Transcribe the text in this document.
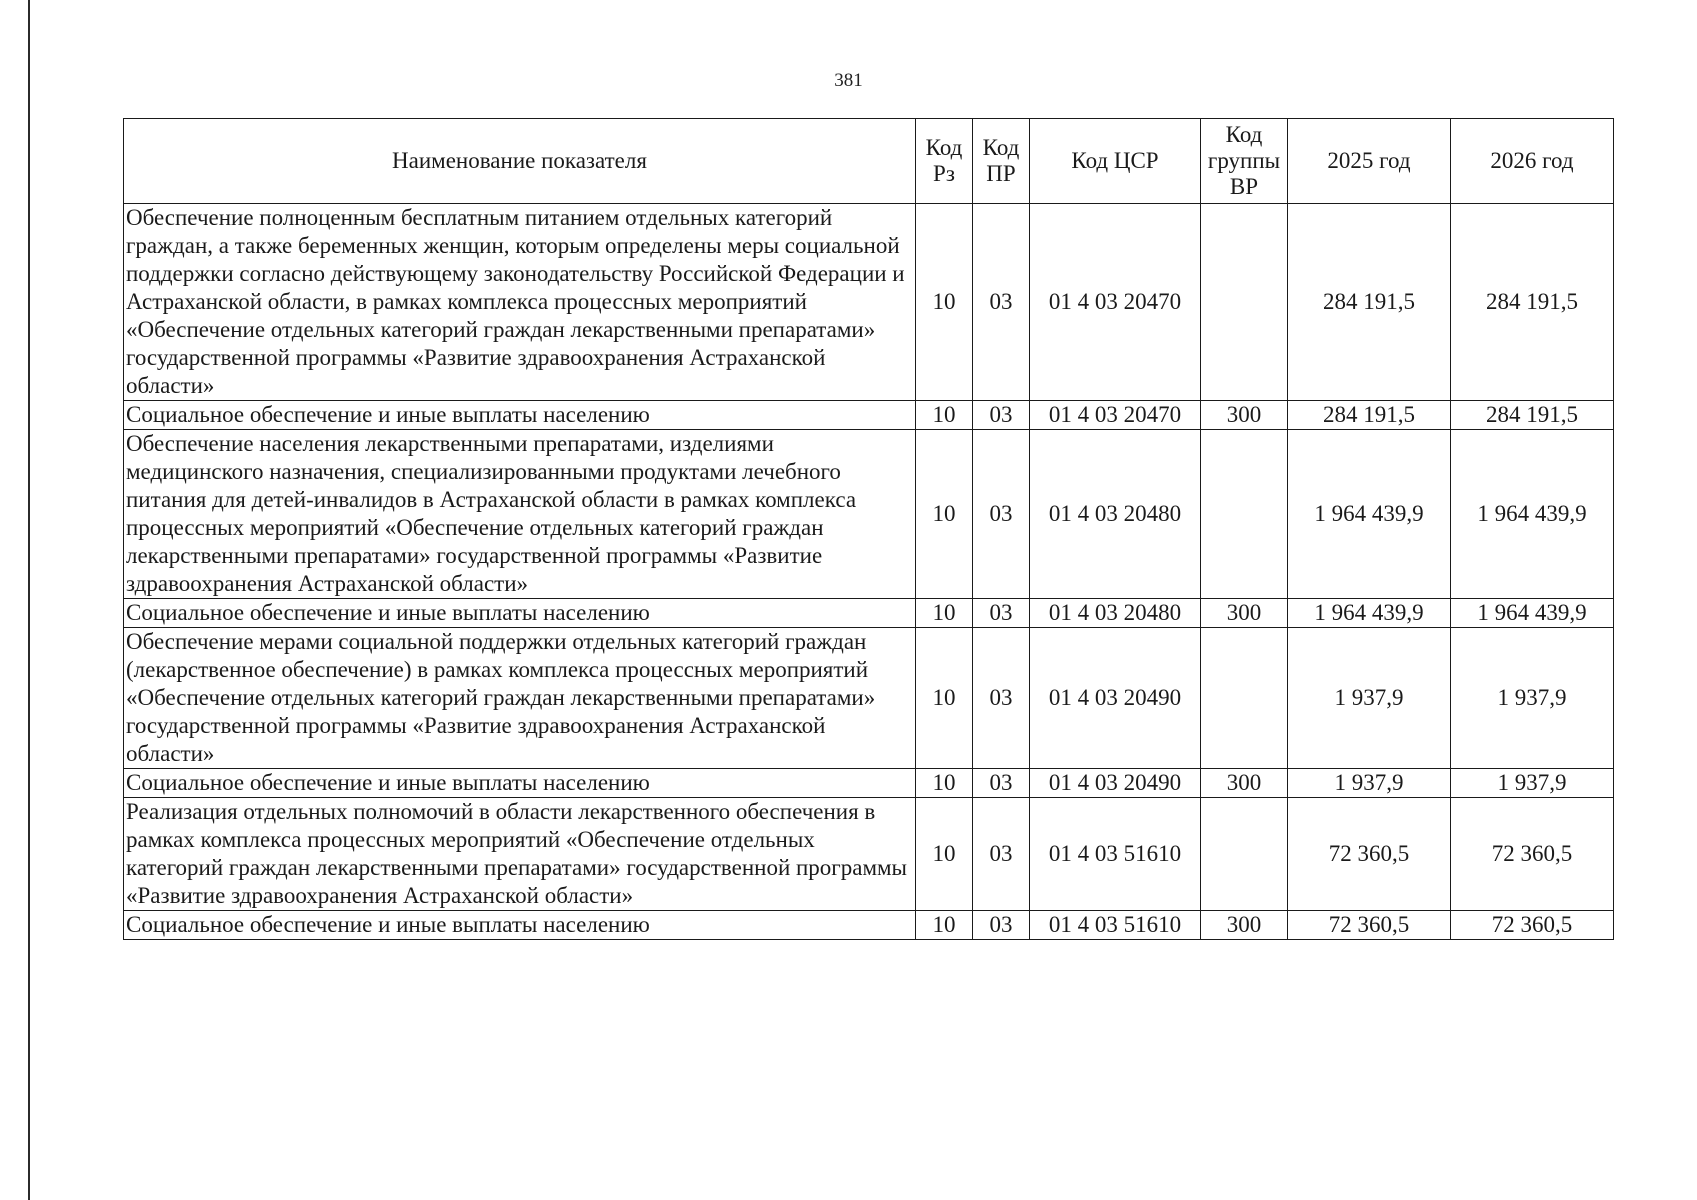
381
Наименование показателя	Код Рз	Код ПР	Код ЦСР	Код группы ВР	2025 год	2026 год
Обеспечение полноценным бесплатным питанием отдельных категорий граждан, а также беременных женщин, которым определены меры социальной поддержки согласно действующему законодательству Российской Федерации и Астраханской области, в рамках комплекса процессных мероприятий «Обеспечение отдельных категорий граждан лекарственными препаратами» государственной программы «Развитие здравоохранения Астраханской области»	10	03	01 4 03 20470		284 191,5	284 191,5
Социальное обеспечение и иные выплаты населению	10	03	01 4 03 20470	300	284 191,5	284 191,5
Обеспечение населения лекарственными препаратами, изделиями медицинского назначения, специализированными продуктами лечебного питания для детей-инвалидов в Астраханской области в рамках комплекса процессных мероприятий «Обеспечение отдельных категорий граждан лекарственными препаратами» государственной программы «Развитие здравоохранения Астраханской области»	10	03	01 4 03 20480		1 964 439,9	1 964 439,9
Социальное обеспечение и иные выплаты населению	10	03	01 4 03 20480	300	1 964 439,9	1 964 439,9
Обеспечение мерами социальной поддержки отдельных категорий граждан (лекарственное обеспечение) в рамках комплекса процессных мероприятий «Обеспечение отдельных категорий граждан лекарственными препаратами» государственной программы «Развитие здравоохранения Астраханской области»	10	03	01 4 03 20490		1 937,9	1 937,9
Социальное обеспечение и иные выплаты населению	10	03	01 4 03 20490	300	1 937,9	1 937,9
Реализация отдельных полномочий в области лекарственного обеспечения в рамках комплекса процессных мероприятий «Обеспечение отдельных категорий граждан лекарственными препаратами» государственной программы «Развитие здравоохранения Астраханской области»	10	03	01 4 03 51610		72 360,5	72 360,5
Социальное обеспечение и иные выплаты населению	10	03	01 4 03 51610	300	72 360,5	72 360,5
